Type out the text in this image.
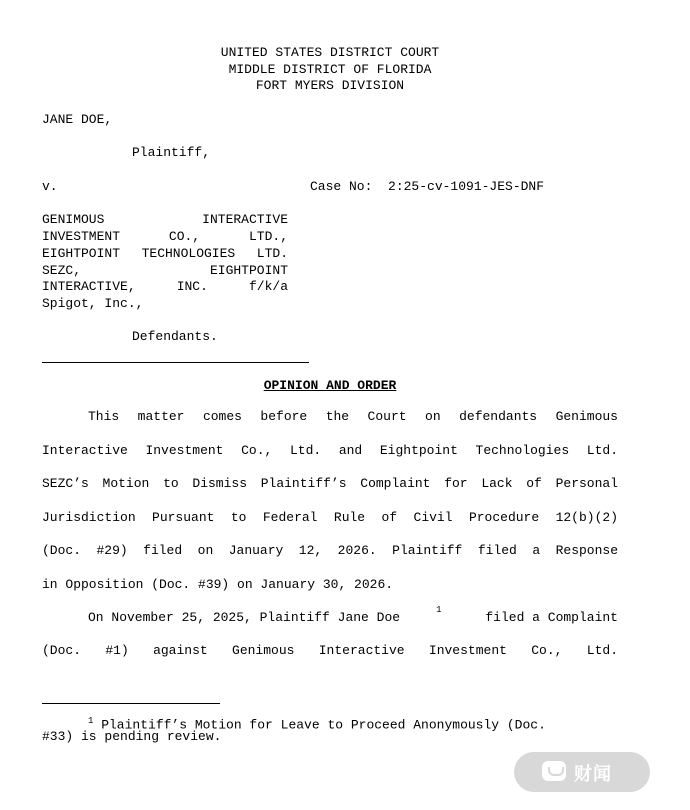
UNITED STATES DISTRICT COURT
MIDDLE DISTRICT OF FLORIDA
FORT MYERS DIVISION
JANE DOE,
Plaintiff,
v.	Case No:  2:25-cv-1091-JES-DNF
GENIMOUS INTERACTIVE
INVESTMENT CO., LTD.,
EIGHTPOINT TECHNOLOGIES LTD.
SEZC, EIGHTPOINT
INTERACTIVE, INC. f/k/a
Spigot, Inc.,
Defendants.
OPINION AND ORDER
This matter comes before the Court on defendants Genimous
Interactive Investment Co., Ltd. and Eightpoint Technologies Ltd.
SEZC’s Motion to Dismiss Plaintiff’s Complaint for Lack of Personal
Jurisdiction Pursuant to Federal Rule of Civil Procedure 12(b)(2)
(Doc. #29) filed on January 12, 2026. Plaintiff filed a Response
in Opposition (Doc. #39) on January 30, 2026.
On November 25, 2025, Plaintiff Jane Doe	1	filed a Complaint
(Doc. #1) against Genimous Interactive Investment Co., Ltd.
$^1$ Plaintiff’s Motion for Leave to Proceed Anonymously (Doc.
#33) is pending review.
财闻
